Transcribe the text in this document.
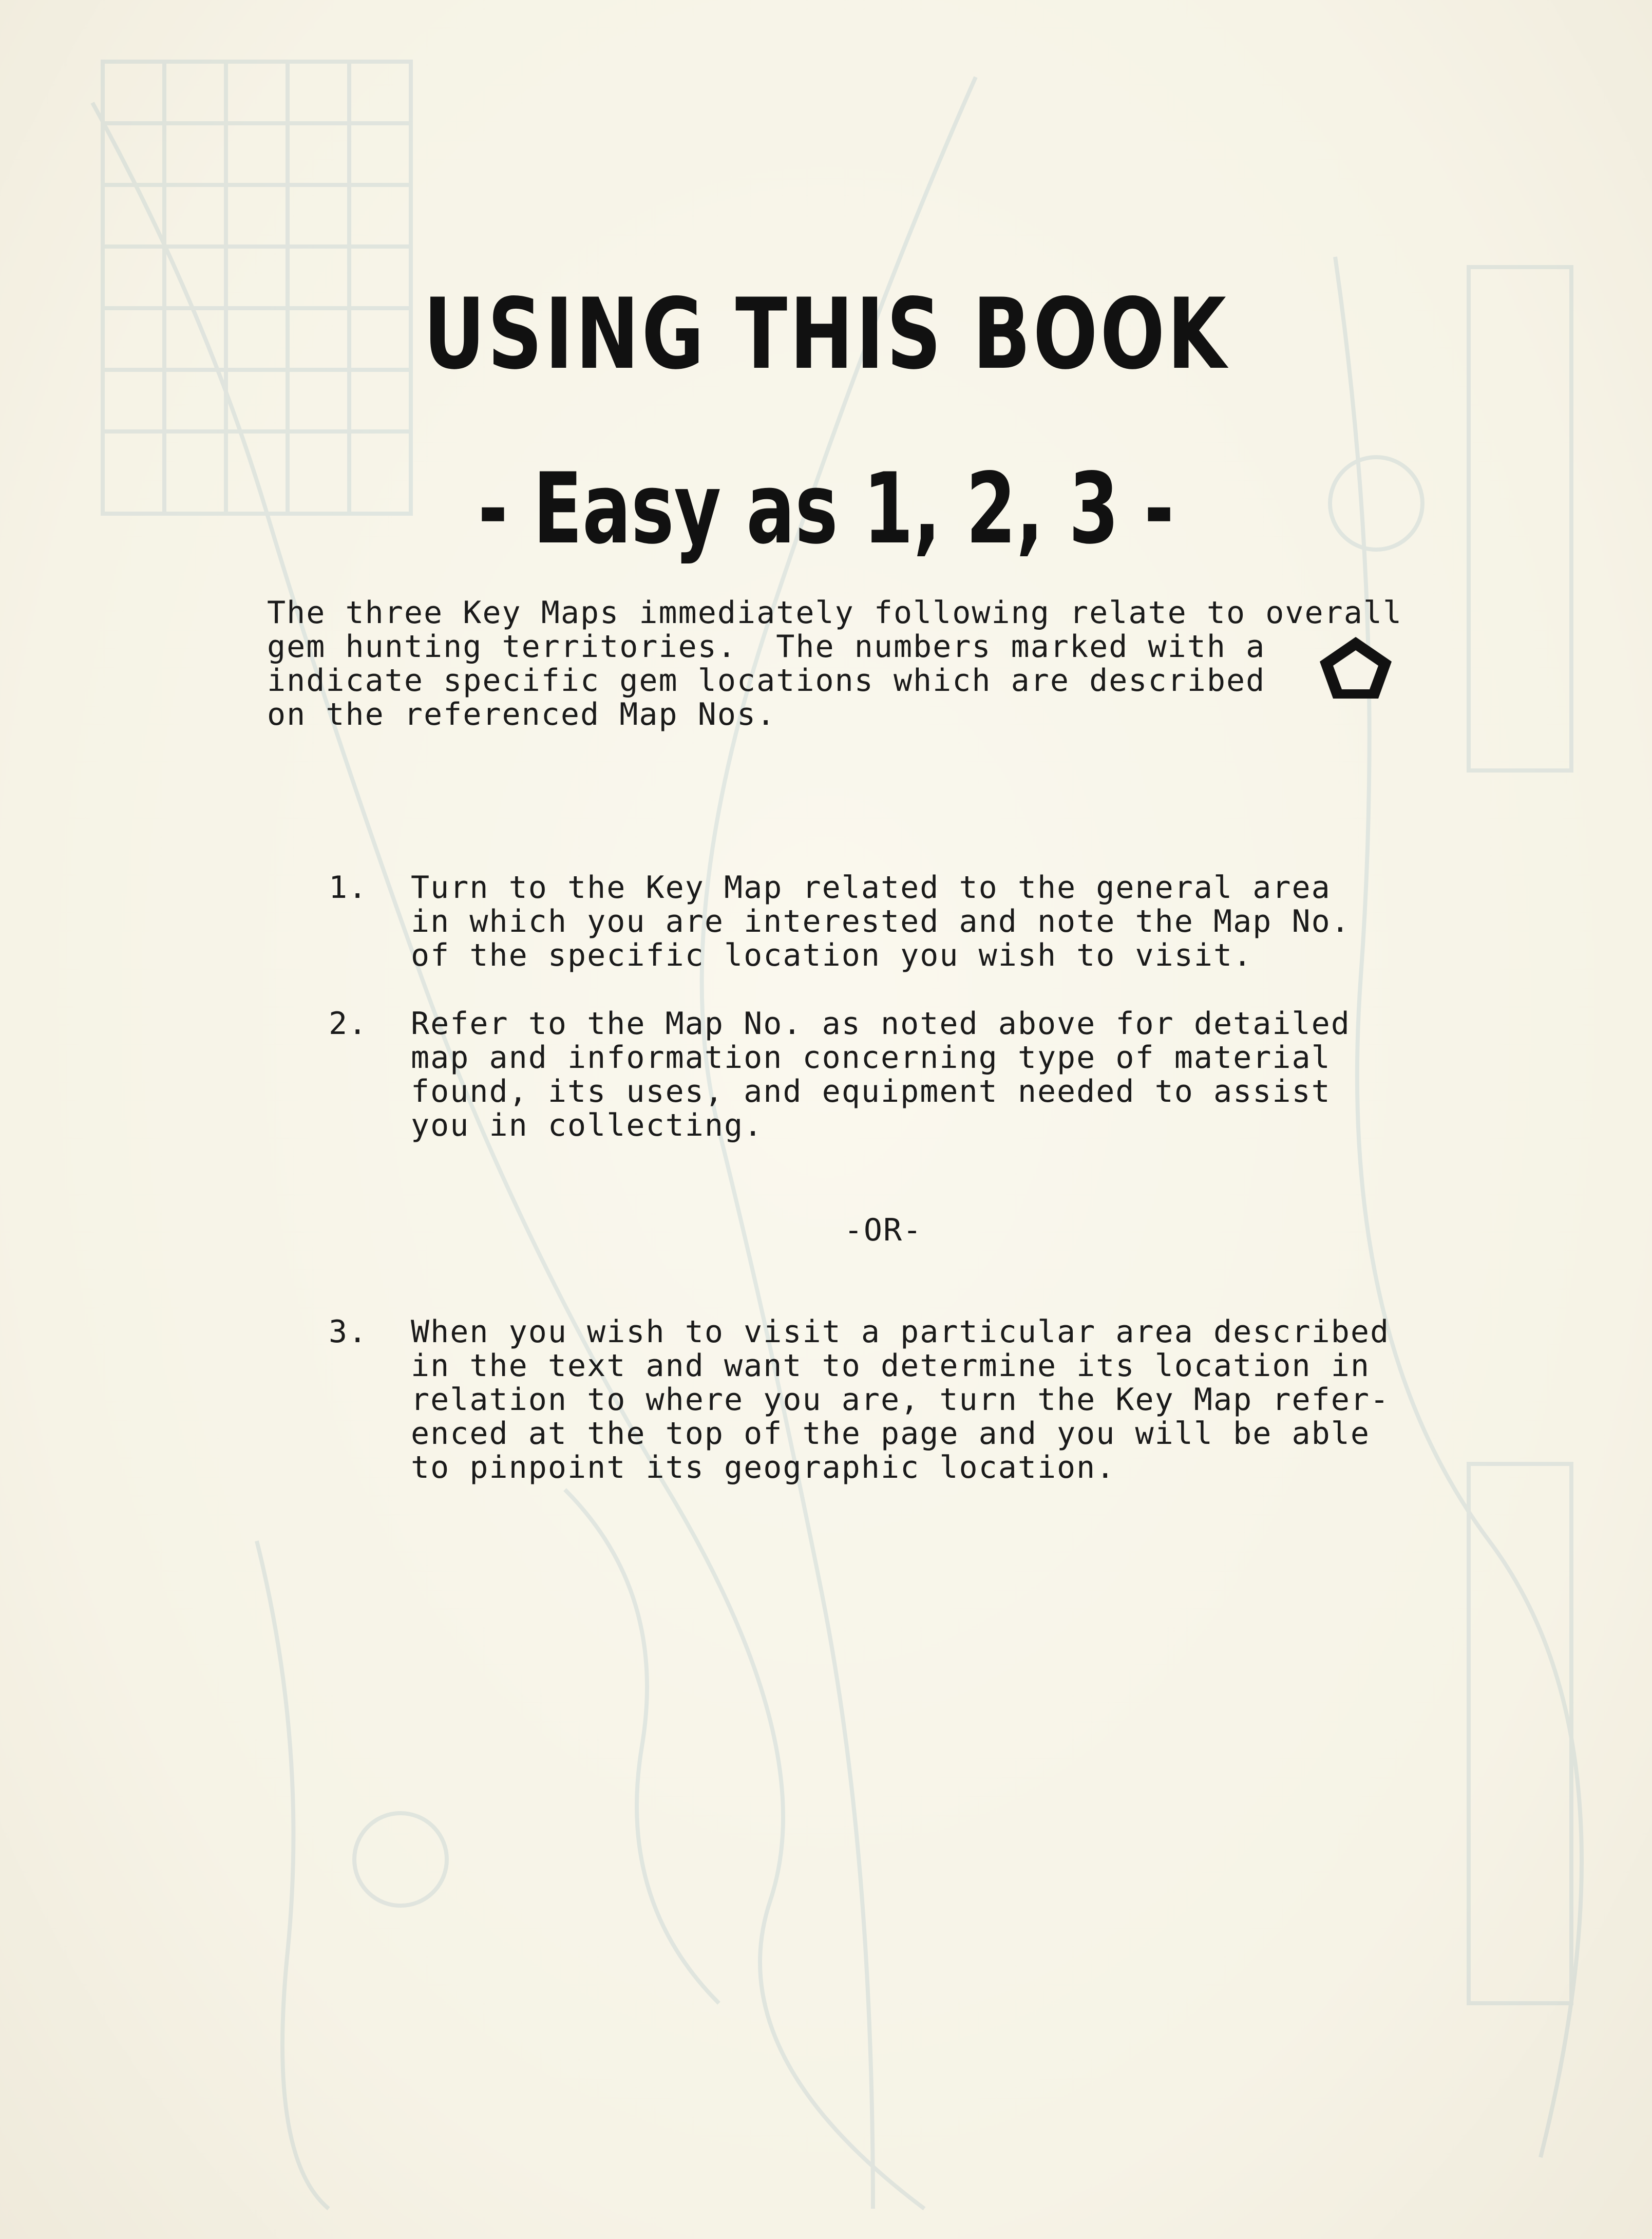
USING THIS BOOK
- Easy as 1, 2, 3 -
The three Key Maps immediately following relate to overall
gem hunting territories.  The numbers marked with a
indicate specific gem locations which are described
on the referenced Map Nos.
1. Turn to the Key Map related to the general area
in which you are interested and note the Map No.
of the specific location you wish to visit.
2. Refer to the Map No. as noted above for detailed
map and information concerning type of material
found, its uses, and equipment needed to assist
you in collecting.
-OR-
3. When you wish to visit a particular area described
in the text and want to determine its location in
relation to where you are, turn the Key Map refer-
enced at the top of the page and you will be able
to pinpoint its geographic location.
